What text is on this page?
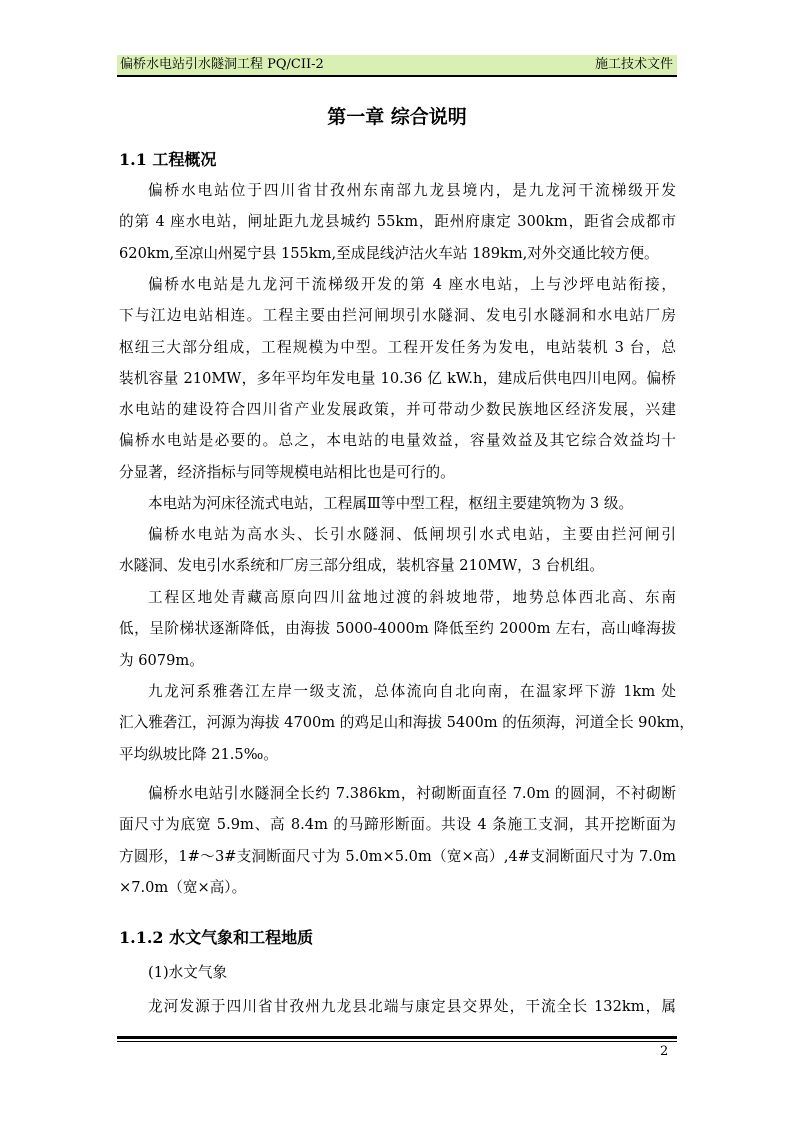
偏桥水电站引水隧洞工程 PQ/CII-2	施工技术文件
第一章 综合说明
1.1 工程概况

偏桥水电站位于四川省甘孜州东南部九龙县境内，是九龙河干流梯级开发
的第 4 座水电站，闸址距九龙县城约 55km，距州府康定 300km，距省会成都市
620km,至凉山州冕宁县 155km,至成昆线泸沽火车站 189km,对外交通比较方便。

偏桥水电站是九龙河干流梯级开发的第 4 座水电站，上与沙坪电站衔接，
下与江边电站相连。工程主要由拦河闸坝引水隧洞、发电引水隧洞和水电站厂房
枢纽三大部分组成，工程规模为中型。工程开发任务为发电，电站装机 3 台，总
装机容量 210MW，多年平均年发电量 10.36 亿 kW.h，建成后供电四川电网。偏桥
水电站的建设符合四川省产业发展政策，并可带动少数民族地区经济发展，兴建
偏桥水电站是必要的。总之，本电站的电量效益，容量效益及其它综合效益均十
分显著，经济指标与同等规模电站相比也是可行的。

本电站为河床径流式电站，工程属Ⅲ等中型工程，枢纽主要建筑物为 3 级。

偏桥水电站为高水头、长引水隧洞、低闸坝引水式电站，主要由拦河闸引
水隧洞、发电引水系统和厂房三部分组成，装机容量 210MW，3 台机组。

工程区地处青藏高原向四川盆地过渡的斜坡地带，地势总体西北高、东南
低，呈阶梯状逐渐降低，由海拔 5000-4000m 降低至约 2000m 左右，高山峰海拔
为 6079m。

九龙河系雅砻江左岸一级支流，总体流向自北向南，在温家坪下游 1km 处
汇入雅砻江，河源为海拔 4700m 的鸡足山和海拔 5400m 的伍须海，河道全长 90km，
平均纵坡比降 21.5‰。

偏桥水电站引水隧洞全长约 7.386km，衬砌断面直径 7.0m 的圆洞，不衬砌断
面尺寸为底宽 5.9m、高 8.4m 的马蹄形断面。共设 4 条施工支洞，其开挖断面为
方圆形，1#～3#支洞断面尺寸为 5.0m×5.0m（宽×高）,4#支洞断面尺寸为 7.0m
×7.0m（宽×高）。

1.1.2 水文气象和工程地质

(1)水文气象

龙河发源于四川省甘孜州九龙县北端与康定县交界处，干流全长 132km，属

2
